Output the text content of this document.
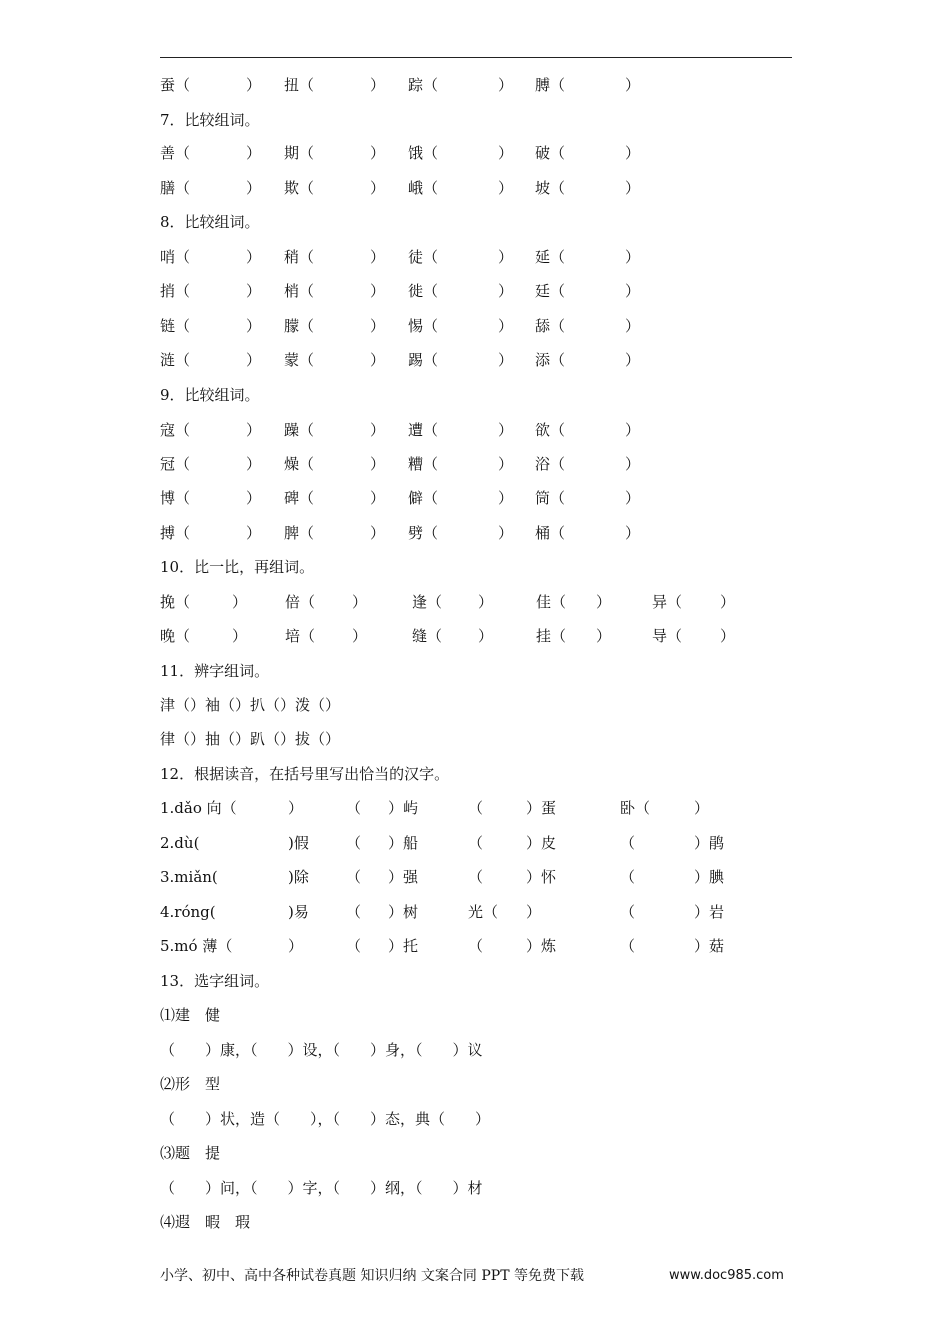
蚕（	） 扭（	） 踪（	） 膊（	）
7．比较组词。
善（	） 期（	） 饿（	） 破（	）
膳（	） 欺（	） 峨（	） 坡（	）
8．比较组词。
哨（	） 稍（	） 徒（	） 延（	）
捎（	） 梢（	） 徙（	） 廷（	）
链（	） 朦（	） 惕（	） 舔（	）
涟（	） 蒙（	） 踢（	） 添（	）
9．比较组词。
寇（	） 躁（	） 遭（	） 欲（	）
冠（	） 燥（	） 糟（	） 浴（	）
博（	） 碑（	） 僻（	） 筒（	）
搏（	） 脾（	） 劈（	） 桶（	）
10．比一比，再组词。
挽（	）	倍（ ）	逢（ ）	佳（ ）	异（	）
晚（	）	培（ ）	缝（ ）	挂（ ）	导（	）
11．辨字组词。
津（）袖（）扒（）泼（）
律（）抽（）趴（）拔（）
12．根据读音，在括号里写出恰当的汉字。
1.dǎo 向（	）	（ ）屿	（	）蛋	卧（	）
2.dù(	)假 （ ）船	（	）皮	（	）鹃
3.miǎn(	)除 （ ）强	（	）怀	（	）腆
4.róng(	)易 （ ）树	光（ ）	（	）岩
5.mó 薄（	）	（ ）托	（	）炼	（	）菇
13．选字组词。
⑴建　健
（　　）康，（　　）设，（　　）身，（　　）议
⑵形　型
（　　）状，造（　　），（　　）态，典（　　）
⑶题　提
（　　）问，（　　）字，（　　）纲，（　　）材
⑷遐　暇　瑕
小学、初中、高中各种试卷真题 知识归纳 文案合同 PPT 等免费下载	www.doc985.com
